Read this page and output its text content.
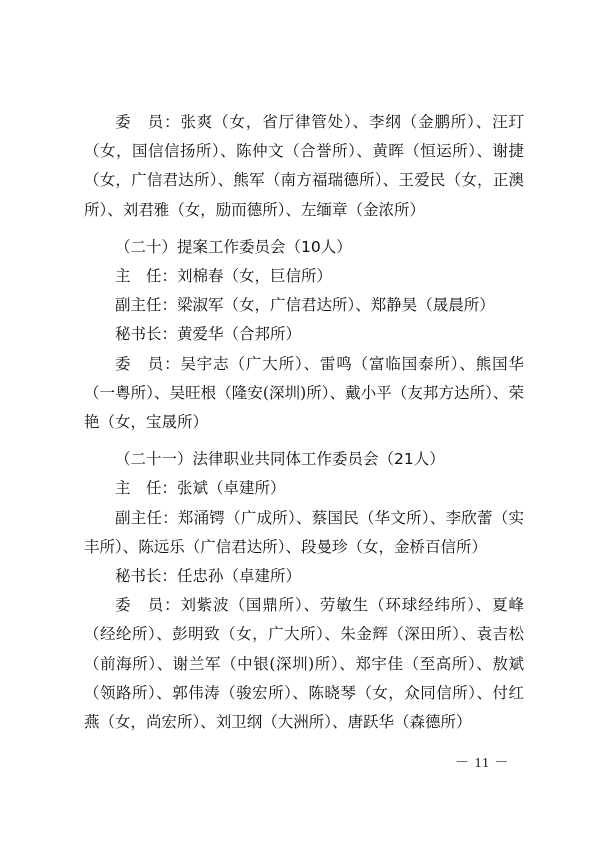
委　员：张爽（女，省厅律管处）、李纲（金鹏所）、汪玎（女，国信信扬所）、陈仲文（合誉所）、黄晖（恒运所）、谢捷（女，广信君达所）、熊军（南方福瑞德所）、王爱民（女，正澳所）、刘君雅（女，励而德所）、左缅章（金浓所）

（二十）提案工作委员会（10人）

主　任：刘棉春（女，巨信所）

副主任：梁淑军（女，广信君达所）、郑静昊（晟晨所）

秘书长：黄爱华（合邦所）

委　员：吴宇志（广大所）、雷鸣（富临国泰所）、熊国华（一粤所）、吴旺根（隆安(深圳)所）、戴小平（友邦方达所）、荣艳（女，宝晟所）

（二十一）法律职业共同体工作委员会（21人）

主　任：张斌（卓建所）

副主任：郑涌锷（广成所）、蔡国民（华文所）、李欣蕾（实丰所）、陈远乐（广信君达所）、段曼珍（女，金桥百信所）

秘书长：任忠孙（卓建所）

委　员：刘紫波（国鼎所）、劳敏生（环球经纬所）、夏峰（经纶所）、彭明致（女，广大所）、朱金辉（深田所）、袁吉松（前海所）、谢兰军（中银(深圳)所）、郑宇佳（至高所）、敖斌（领路所）、郭伟涛（骏宏所）、陈晓琴（女，众同信所）、付红燕（女，尚宏所）、刘卫纲（大洲所）、唐跃华（森德所）

－ 11 －
